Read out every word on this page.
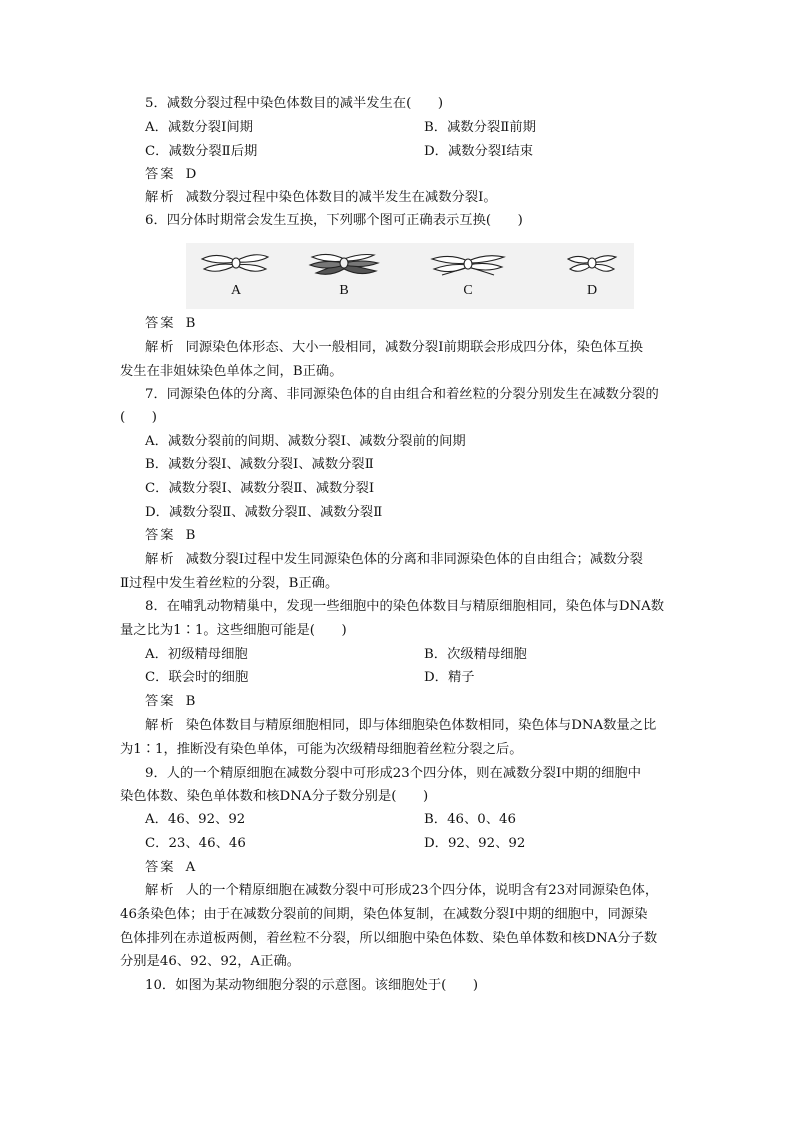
5．减数分裂过程中染色体数目的减半发生在(　　)
A．减数分裂Ⅰ间期	B．减数分裂Ⅱ前期
C．减数分裂Ⅱ后期	D．减数分裂Ⅰ结束
答案 D
解析 减数分裂过程中染色体数目的减半发生在减数分裂Ⅰ。
6．四分体时期常会发生互换，下列哪个图可正确表示互换(　　)
A	B	C	D
答案 B
解析 同源染色体形态、大小一般相同，减数分裂Ⅰ前期联会形成四分体，染色体互换
发生在非姐妹染色单体之间，B正确。
7．同源染色体的分离、非同源染色体的自由组合和着丝粒的分裂分别发生在减数分裂的
(　　)
A．减数分裂前的间期、减数分裂Ⅰ、减数分裂前的间期
B．减数分裂Ⅰ、减数分裂Ⅰ、减数分裂Ⅱ
C．减数分裂Ⅰ、减数分裂Ⅱ、减数分裂Ⅰ
D．减数分裂Ⅱ、减数分裂Ⅱ、减数分裂Ⅱ
答案 B
解析 减数分裂Ⅰ过程中发生同源染色体的分离和非同源染色体的自由组合；减数分裂
Ⅱ过程中发生着丝粒的分裂，B正确。
8．在哺乳动物精巢中，发现一些细胞中的染色体数目与精原细胞相同，染色体与DNA数
量之比为1∶1。这些细胞可能是(　　)
A．初级精母细胞	B．次级精母细胞
C．联会时的细胞	D．精子
答案 B
解析 染色体数目与精原细胞相同，即与体细胞染色体数相同，染色体与DNA数量之比
为1∶1，推断没有染色单体，可能为次级精母细胞着丝粒分裂之后。
9．人的一个精原细胞在减数分裂中可形成23个四分体，则在减数分裂Ⅰ中期的细胞中
染色体数、染色单体数和核DNA分子数分别是(　　)
A．46、92、92	B．46、0、46
C．23、46、46	D．92、92、92
答案 A
解析 人的一个精原细胞在减数分裂中可形成23个四分体，说明含有23对同源染色体，
46条染色体；由于在减数分裂前的间期，染色体复制，在减数分裂Ⅰ中期的细胞中，同源染
色体排列在赤道板两侧，着丝粒不分裂，所以细胞中染色体数、染色单体数和核DNA分子数
分别是46、92、92，A正确。
10．如图为某动物细胞分裂的示意图。该细胞处于(　　)
